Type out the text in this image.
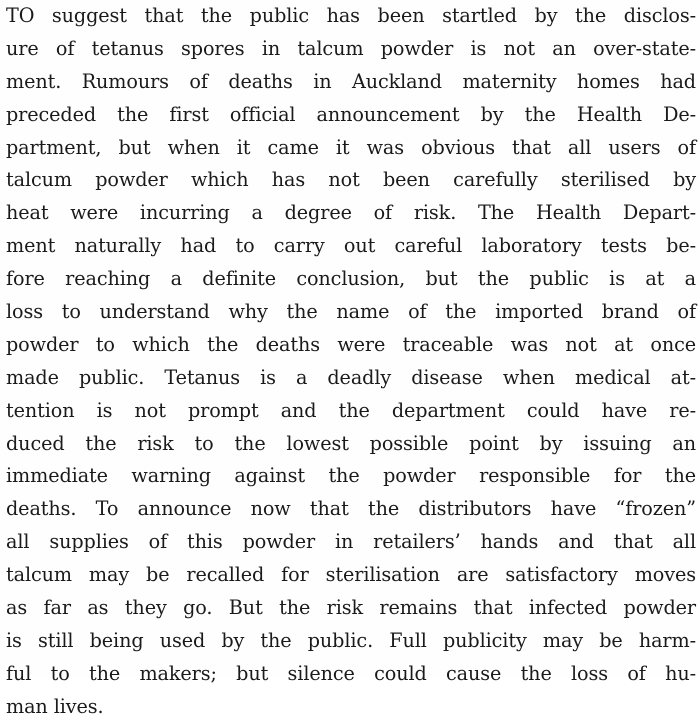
TO suggest that the public has been startled by the disclos-
ure of tetanus spores in talcum powder is not an over-state-
ment. Rumours of deaths in Auckland maternity homes had
preceded the first official announcement by the Health De-
partment, but when it came it was obvious that all users of
talcum powder which has not been carefully sterilised by
heat were incurring a degree of risk. The Health Depart-
ment naturally had to carry out careful laboratory tests be-
fore reaching a definite conclusion, but the public is at a
loss to understand why the name of the imported brand of
powder to which the deaths were traceable was not at once
made public. Tetanus is a deadly disease when medical at-
tention is not prompt and the department could have re-
duced the risk to the lowest possible point by issuing an
immediate warning against the powder responsible for the
deaths. To announce now that the distributors have “frozen”
all supplies of this powder in retailers’ hands and that all
talcum may be recalled for sterilisation are satisfactory moves
as far as they go. But the risk remains that infected powder
is still being used by the public. Full publicity may be harm-
ful to the makers; but silence could cause the loss of hu-
man lives.
